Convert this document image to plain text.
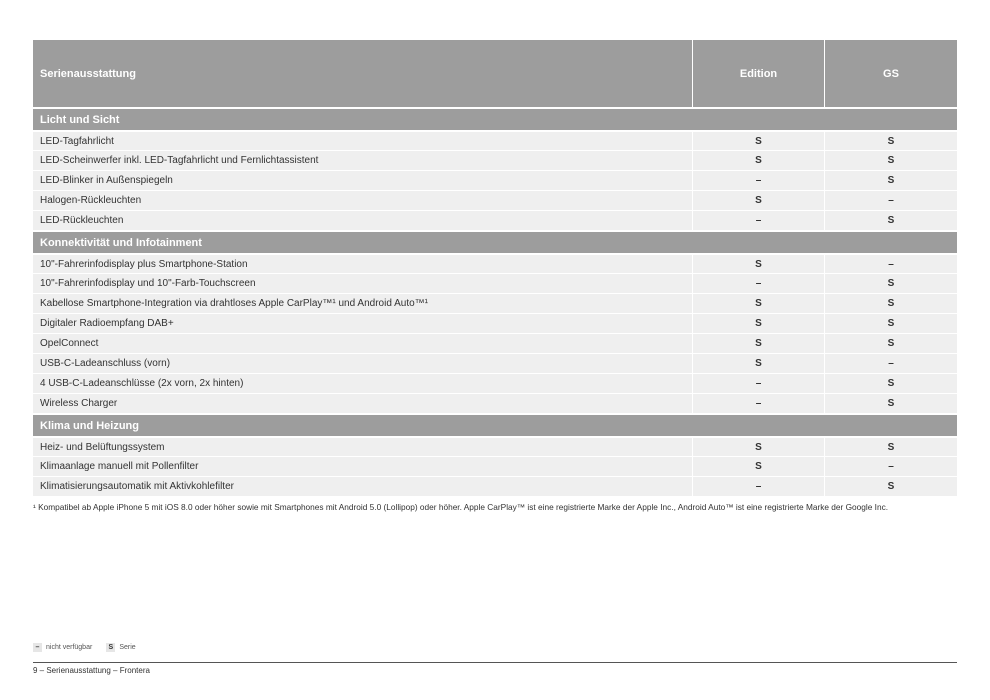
Serienausstattung	Edition	GS
Licht und Sicht
LED-Tagfahrlicht	S	S
LED-Scheinwerfer inkl. LED-Tagfahrlicht und Fernlichtassistent	S	S
LED-Blinker in Außenspiegeln	–	S
Halogen-Rückleuchten	S	–
LED-Rückleuchten	–	S
Konnektivität und Infotainment
10"-Fahrerinfodisplay plus Smartphone-Station	S	–
10"-Fahrerinfodisplay und 10"-Farb-Touchscreen	–	S
Kabellose Smartphone-Integration via drahtloses Apple CarPlay™¹ und Android Auto™¹	S	S
Digitaler Radioempfang DAB+	S	S
OpelConnect	S	S
USB-C-Ladeanschluss (vorn)	S	–
4 USB-C-Ladeanschlüsse (2x vorn, 2x hinten)	–	S
Wireless Charger	–	S
Klima und Heizung
Heiz- und Belüftungssystem	S	S
Klimaanlage manuell mit Pollenfilter	S	–
Klimatisierungsautomatik mit Aktivkohlefilter	–	S
¹ Kompatibel ab Apple iPhone 5 mit iOS 8.0 oder höher sowie mit Smartphones mit Android 5.0 (Lollipop) oder höher. Apple CarPlay™ ist eine registrierte Marke der Apple Inc., Android Auto™ ist eine registrierte Marke der Google Inc.
– nicht verfügbar	S Serie
9 – Serienausstattung – Frontera
